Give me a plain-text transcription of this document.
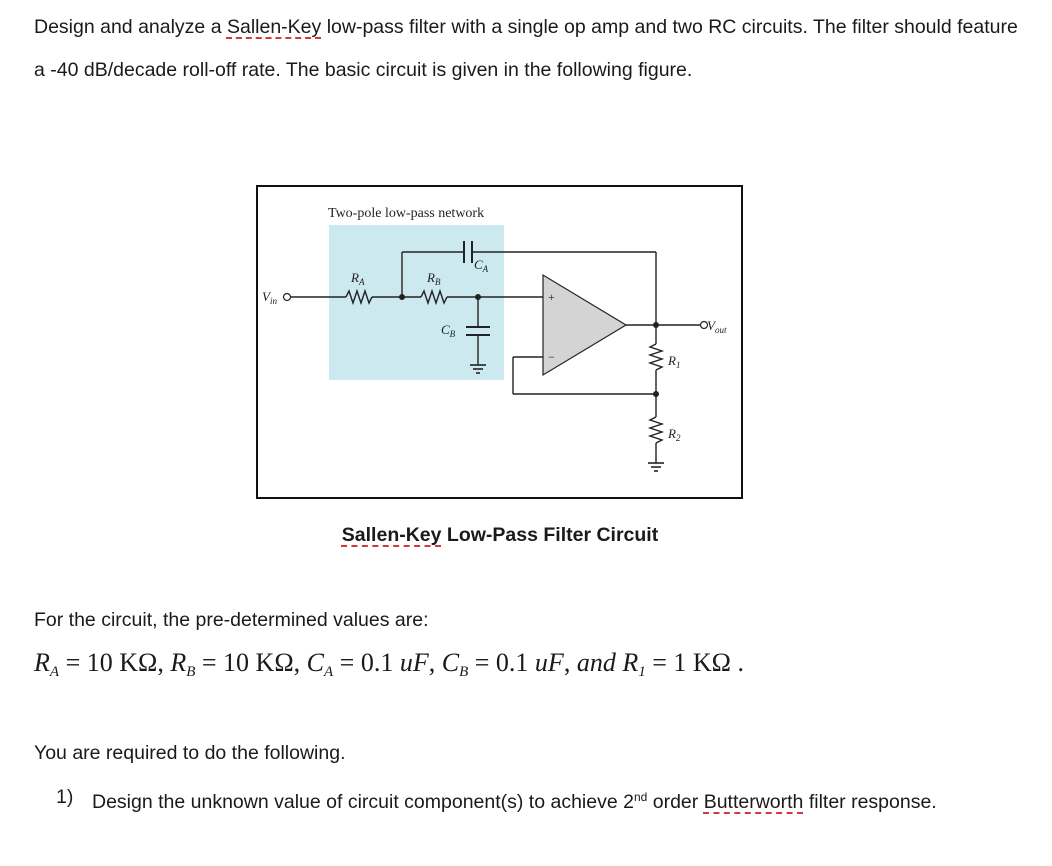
Design and analyze a Sallen-Key low-pass filter with a single op amp and two RC circuits. The filter should feature a -40 dB/decade roll-off rate. The basic circuit is given in the following figure.

Two-pole low-pass network
+
−
$V_{in}$
$V_{out}$
$R_A$	$R_B$
$C_A$
$C_B$
$R_1$
$R_2$
Sallen-Key Low-Pass Filter Circuit

For the circuit, the pre-determined values are:

$R_A = 10$ KΩ, $R_B = 10$ KΩ, $C_A = 0.1$ uF, $C_B = 0.1$ uF, and $R_1 = 1$ KΩ .

You are required to do the following.

1) Design the unknown value of circuit component(s) to achieve 2nd order Butterworth filter response.
